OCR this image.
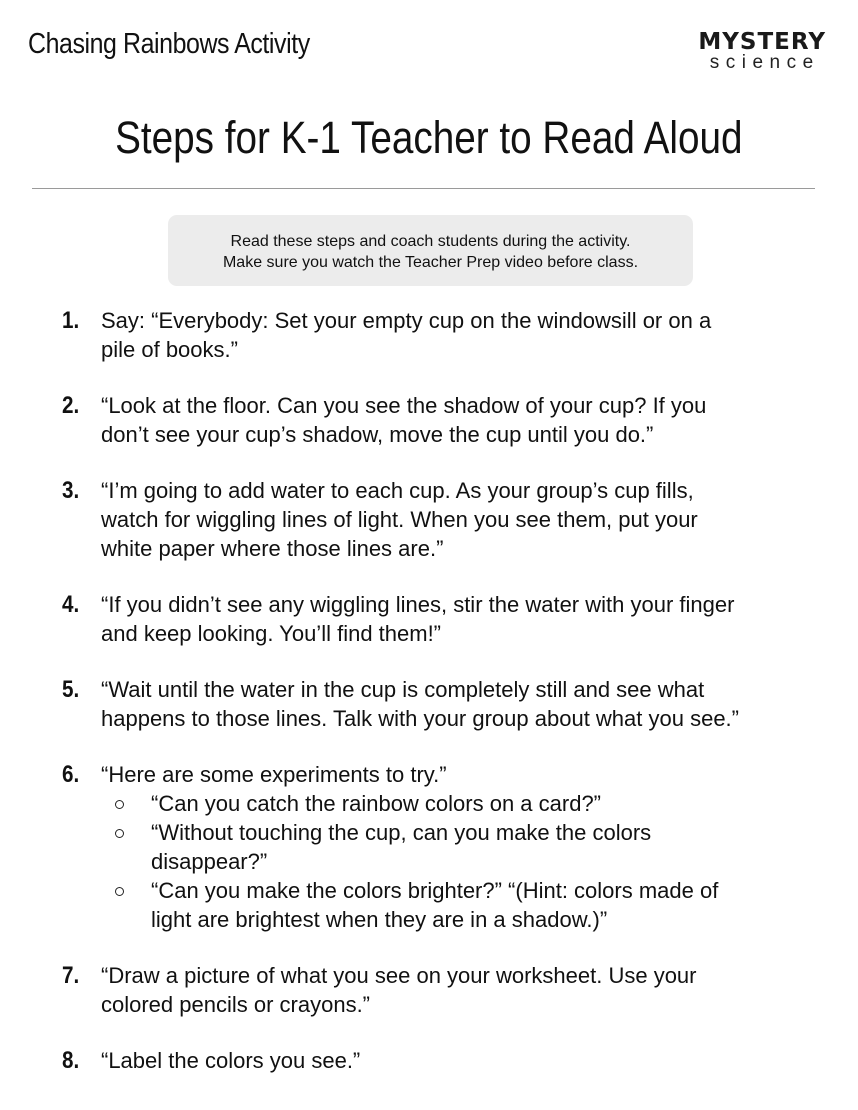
Chasing Rainbows Activity	MYSTERY
science
Steps for K-1 Teacher to Read Aloud
Read these steps and coach students during the activity.
Make sure you watch the Teacher Prep video before class.
1. Say: “Everybody: Set your empty cup on the windowsill or on a
pile of books.”
2. “Look at the floor. Can you see the shadow of your cup? If you
don’t see your cup’s shadow, move the cup until you do.”
3. “I’m going to add water to each cup. As your group’s cup fills,
watch for wiggling lines of light. When you see them, put your
white paper where those lines are.”
4. “If you didn’t see any wiggling lines, stir the water with your finger
and keep looking. You’ll find them!”
5. “Wait until the water in the cup is completely still and see what
happens to those lines. Talk with your group about what you see.”
6. “Here are some experiments to try.”
“Can you catch the rainbow colors on a card?”
“Without touching the cup, can you make the colors
disappear?”
“Can you make the colors brighter?” “(Hint: colors made of
light are brightest when they are in a shadow.)”
7. “Draw a picture of what you see on your worksheet. Use your
colored pencils or crayons.”
8. “Label the colors you see.”
